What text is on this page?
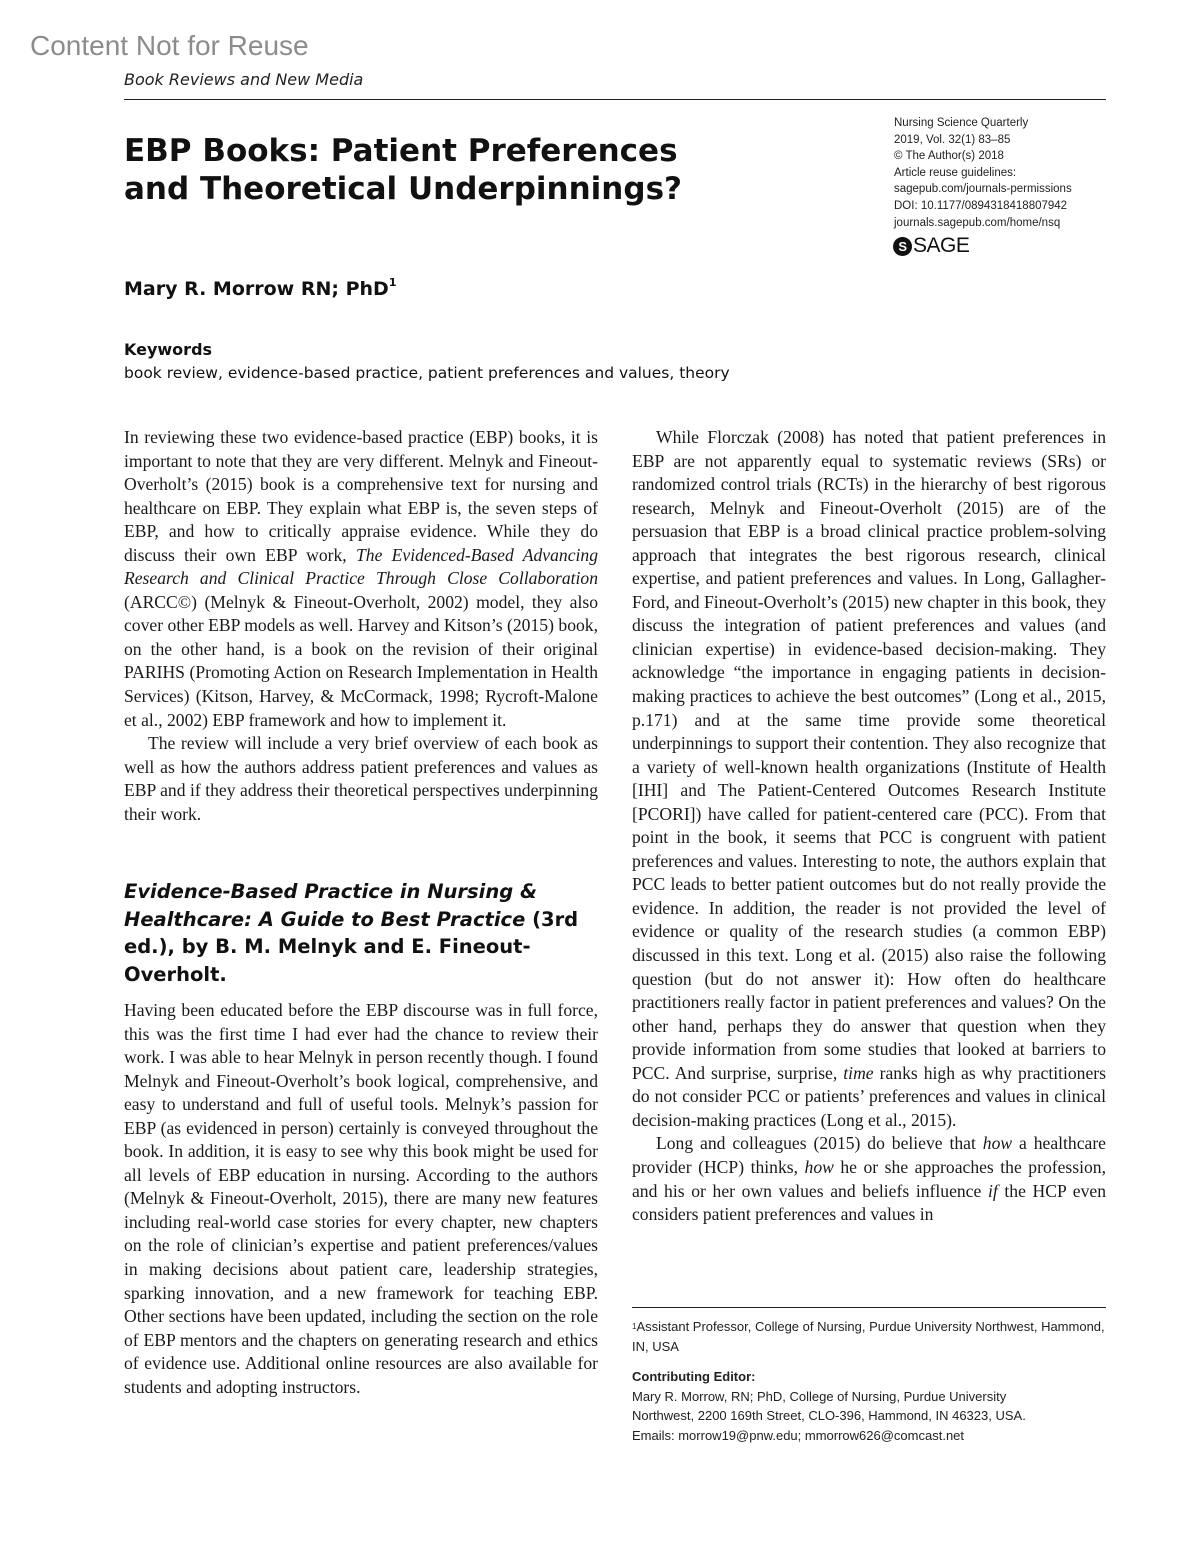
Content Not for Reuse
Book Reviews and New Media
EBP Books: Patient Preferences
and Theoretical Underpinnings?
Nursing Science Quarterly
2019, Vol. 32(1) 83–85
© The Author(s) 2018
Article reuse guidelines:
sagepub.com/journals-permissions
DOI: 10.1177/0894318418807942
journals.sagepub.com/home/nsq
S SAGE
Mary R. Morrow RN; PhD$^1$
Keywords
book review, evidence-based practice, patient preferences and values, theory

In reviewing these two evidence-based practice (EBP) books, it is important to note that they are very different. Melnyk and Fineout-Overholt’s (2015) book is a comprehensive text for nursing and healthcare on EBP. They explain what EBP is, the seven steps of EBP, and how to critically appraise evidence. While they do discuss their own EBP work, The Evidenced-Based Advancing Research and Clinical Practice Through Close Collaboration (ARCC©) (Melnyk & Fineout-Overholt, 2002) model, they also cover other EBP models as well. Harvey and Kitson’s (2015) book, on the other hand, is a book on the revision of their original PARIHS (Promoting Action on Research Implementation in Health Services) (Kitson, Harvey, & McCormack, 1998; Rycroft-Malone et al., 2002) EBP framework and how to implement it.

The review will include a very brief overview of each book as well as how the authors address patient preferences and values as EBP and if they address their theoretical perspectives underpinning their work.

Evidence-Based Practice in Nursing & Healthcare: A Guide to Best Practice (3rd ed.), by B. M. Melnyk and E. Fineout-Overholt.

Having been educated before the EBP discourse was in full force, this was the first time I had ever had the chance to review their work. I was able to hear Melnyk in person recently though. I found Melnyk and Fineout-Overholt’s book logical, comprehensive, and easy to understand and full of useful tools. Melnyk’s passion for EBP (as evidenced in person) certainly is conveyed throughout the book. In addition, it is easy to see why this book might be used for all levels of EBP education in nursing. According to the authors (Melnyk & Fineout-Overholt, 2015), there are many new features including real-world case stories for every chapter, new chapters on the role of clinician’s expertise and patient preferences/values in making decisions about patient care, leadership strategies, sparking innovation, and a new framework for teaching EBP. Other sections have been updated, including the section on the role of EBP mentors and the chapters on generating research and ethics of evidence use. Additional online resources are also available for students and adopting instructors.

While Florczak (2008) has noted that patient preferences in EBP are not apparently equal to systematic reviews (SRs) or randomized control trials (RCTs) in the hierarchy of best rigorous research, Melnyk and Fineout-Overholt (2015) are of the persuasion that EBP is a broad clinical practice problem-solving approach that integrates the best rigorous research, clinical expertise, and patient preferences and values. In Long, Gallagher-Ford, and Fineout-Overholt’s (2015) new chapter in this book, they discuss the integration of patient preferences and values (and clinician expertise) in evidence-based decision-making. They acknowledge “the importance in engaging patients in decision-making practices to achieve the best outcomes” (Long et al., 2015, p.171) and at the same time provide some theoretical underpinnings to support their contention. They also recognize that a variety of well-known health organizations (Institute of Health [IHI] and The Patient-Centered Outcomes Research Institute [PCORI]) have called for patient-centered care (PCC). From that point in the book, it seems that PCC is congruent with patient preferences and values. Interesting to note, the authors explain that PCC leads to better patient outcomes but do not really provide the evidence. In addition, the reader is not provided the level of evidence or quality of the research studies (a common EBP) discussed in this text. Long et al. (2015) also raise the following question (but do not answer it): How often do healthcare practitioners really factor in patient preferences and values? On the other hand, perhaps they do answer that question when they provide information from some studies that looked at barriers to PCC. And surprise, surprise, time ranks high as why practitioners do not consider PCC or patients’ preferences and values in clinical decision-making practices (Long et al., 2015).

Long and colleagues (2015) do believe that how a healthcare provider (HCP) thinks, how he or she approaches the profession, and his or her own values and beliefs influence if the HCP even considers patient preferences and values in

$^1$Assistant Professor, College of Nursing, Purdue University Northwest, Hammond, IN, USA
Contributing Editor:
Mary R. Morrow, RN; PhD, College of Nursing, Purdue University
Northwest, 2200 169th Street, CLO-396, Hammond, IN 46323, USA.
Emails: morrow19@pnw.edu; mmorrow626@comcast.net
